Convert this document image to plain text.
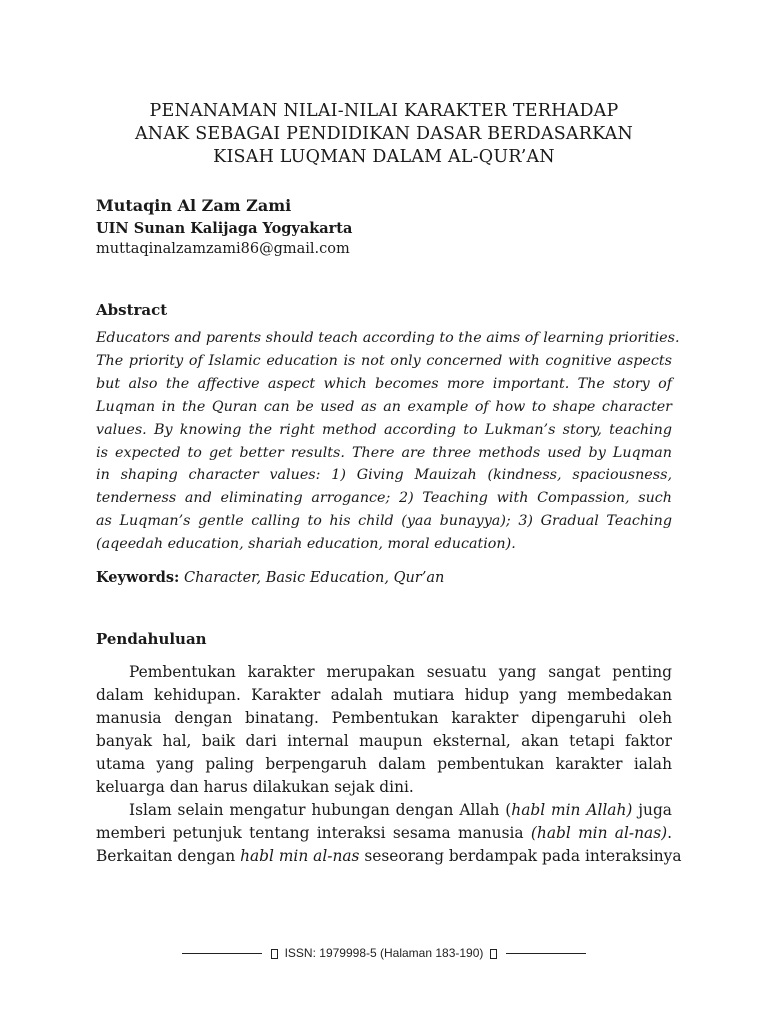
PENANAMAN NILAI-NILAI KARAKTER TERHADAP
ANAK SEBAGAI PENDIDIKAN DASAR BERDASARKAN
KISAH LUQMAN DALAM AL-QUR’AN
Mutaqin Al Zam Zami
UIN Sunan Kalijaga Yogyakarta
muttaqinalzamzami86@gmail.com
Abstract
Educators and parents should teach according to the aims of learning priorities.
The priority of Islamic education is not only concerned with cognitive aspects
but also the affective aspect which becomes more important. The story of
Luqman in the Quran can be used as an example of how to shape character
values. By knowing the right method according to Lukman’s story, teaching
is expected to get better results. There are three methods used by Luqman
in shaping character values: 1) Giving Mauizah (kindness, spaciousness,
tenderness and eliminating arrogance; 2) Teaching with Compassion, such
as Luqman’s gentle calling to his child (yaa bunayya); 3) Gradual Teaching
(aqeedah education, shariah education, moral education).
Keywords: Character, Basic Education, Qur’an
Pendahuluan
Pembentukan karakter merupakan sesuatu yang sangat penting
dalam kehidupan. Karakter adalah mutiara hidup yang membedakan
manusia dengan binatang. Pembentukan karakter dipengaruhi oleh
banyak hal, baik dari internal maupun eksternal, akan tetapi faktor
utama yang paling berpengaruh dalam pembentukan karakter ialah
keluarga dan harus dilakukan sejak dini.
Islam selain mengatur hubungan dengan Allah (habl min Allah) juga
memberi petunjuk tentang interaksi sesama manusia (habl min al-nas).
Berkaitan dengan habl min al-nas seseorang berdampak pada interaksinya
ISSN: 1979998-5 (Halaman 183-190)
